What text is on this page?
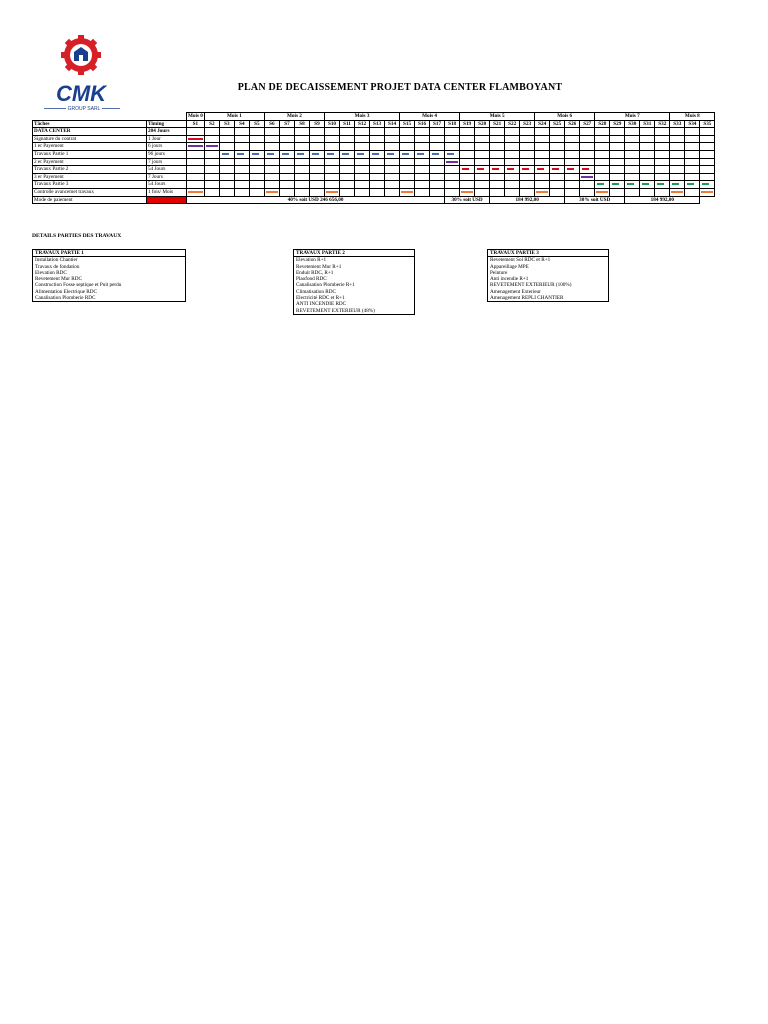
CMK
GROUP SARL
PLAN DE DECAISSEMENT PROJET DATA CENTER FLAMBOYANT
		Mois 0	Mois 1				Mois 2				Mois 3					Mois 4				Mois 5					Mois 6				Mois 7					Mois 8		
Tâches	Timing	S1	S2	S3	S4	S5	S6	S7	S8	S9	S10	S11	S12	S13	S14	S15	S16	S17	S18	S19	S20	S21	S22	S23	S24	S25	S26	S27	S28	S29	S30	S31	S32	S33	S34	S35
DATA CENTER	204 Jours																																			
Signature du contrat	1 Jour	

1 er Payement	6 jours	

Travaux Partie 1	96 jours			

2 er Payement	7 jours																		

Travaux Partie 2	54 Jours																			

3 er Payement	7 Jours																											

Travaux Partie 3	54 Jours																												

Controlle avancemet travaux	1 fois/ Mois	

Mode de paiement		40% soit USD 246 656,00																	30% soit USD			184 992,00					30% soit USD				184 992,00					
DETAILS PARTIES DES TRAVAUX
TRAVAUX PARTIE 1
Installation Chantier
Travaux de fondation
Elevation RDC
Revetement Mur RDC
Construction Fosse septique et Puit perdu
Alimentation Electrique RDC
Canalisation Plomberie RDC
TRAVAUX PARTIE 2
Elevation R+1
Revetement Mur R+1
Enduit RDC, R+1
Plaofond RDC
Canalisation Plomberie R+1
Climatisation RDC
Electricité RDC et R+1
ANTI INCENDIE RDC
REVETEMENT EXTERIEUR (48%)
TRAVAUX PARTIE 3
Revetement Sol RDC et R+1
Appareillage MPE
Peinture
Anti incendie R+1
REVETEMENT EXTERIEUR (100%)
Amenagement Exterieur
Amenagement REPLI CHANTIER
